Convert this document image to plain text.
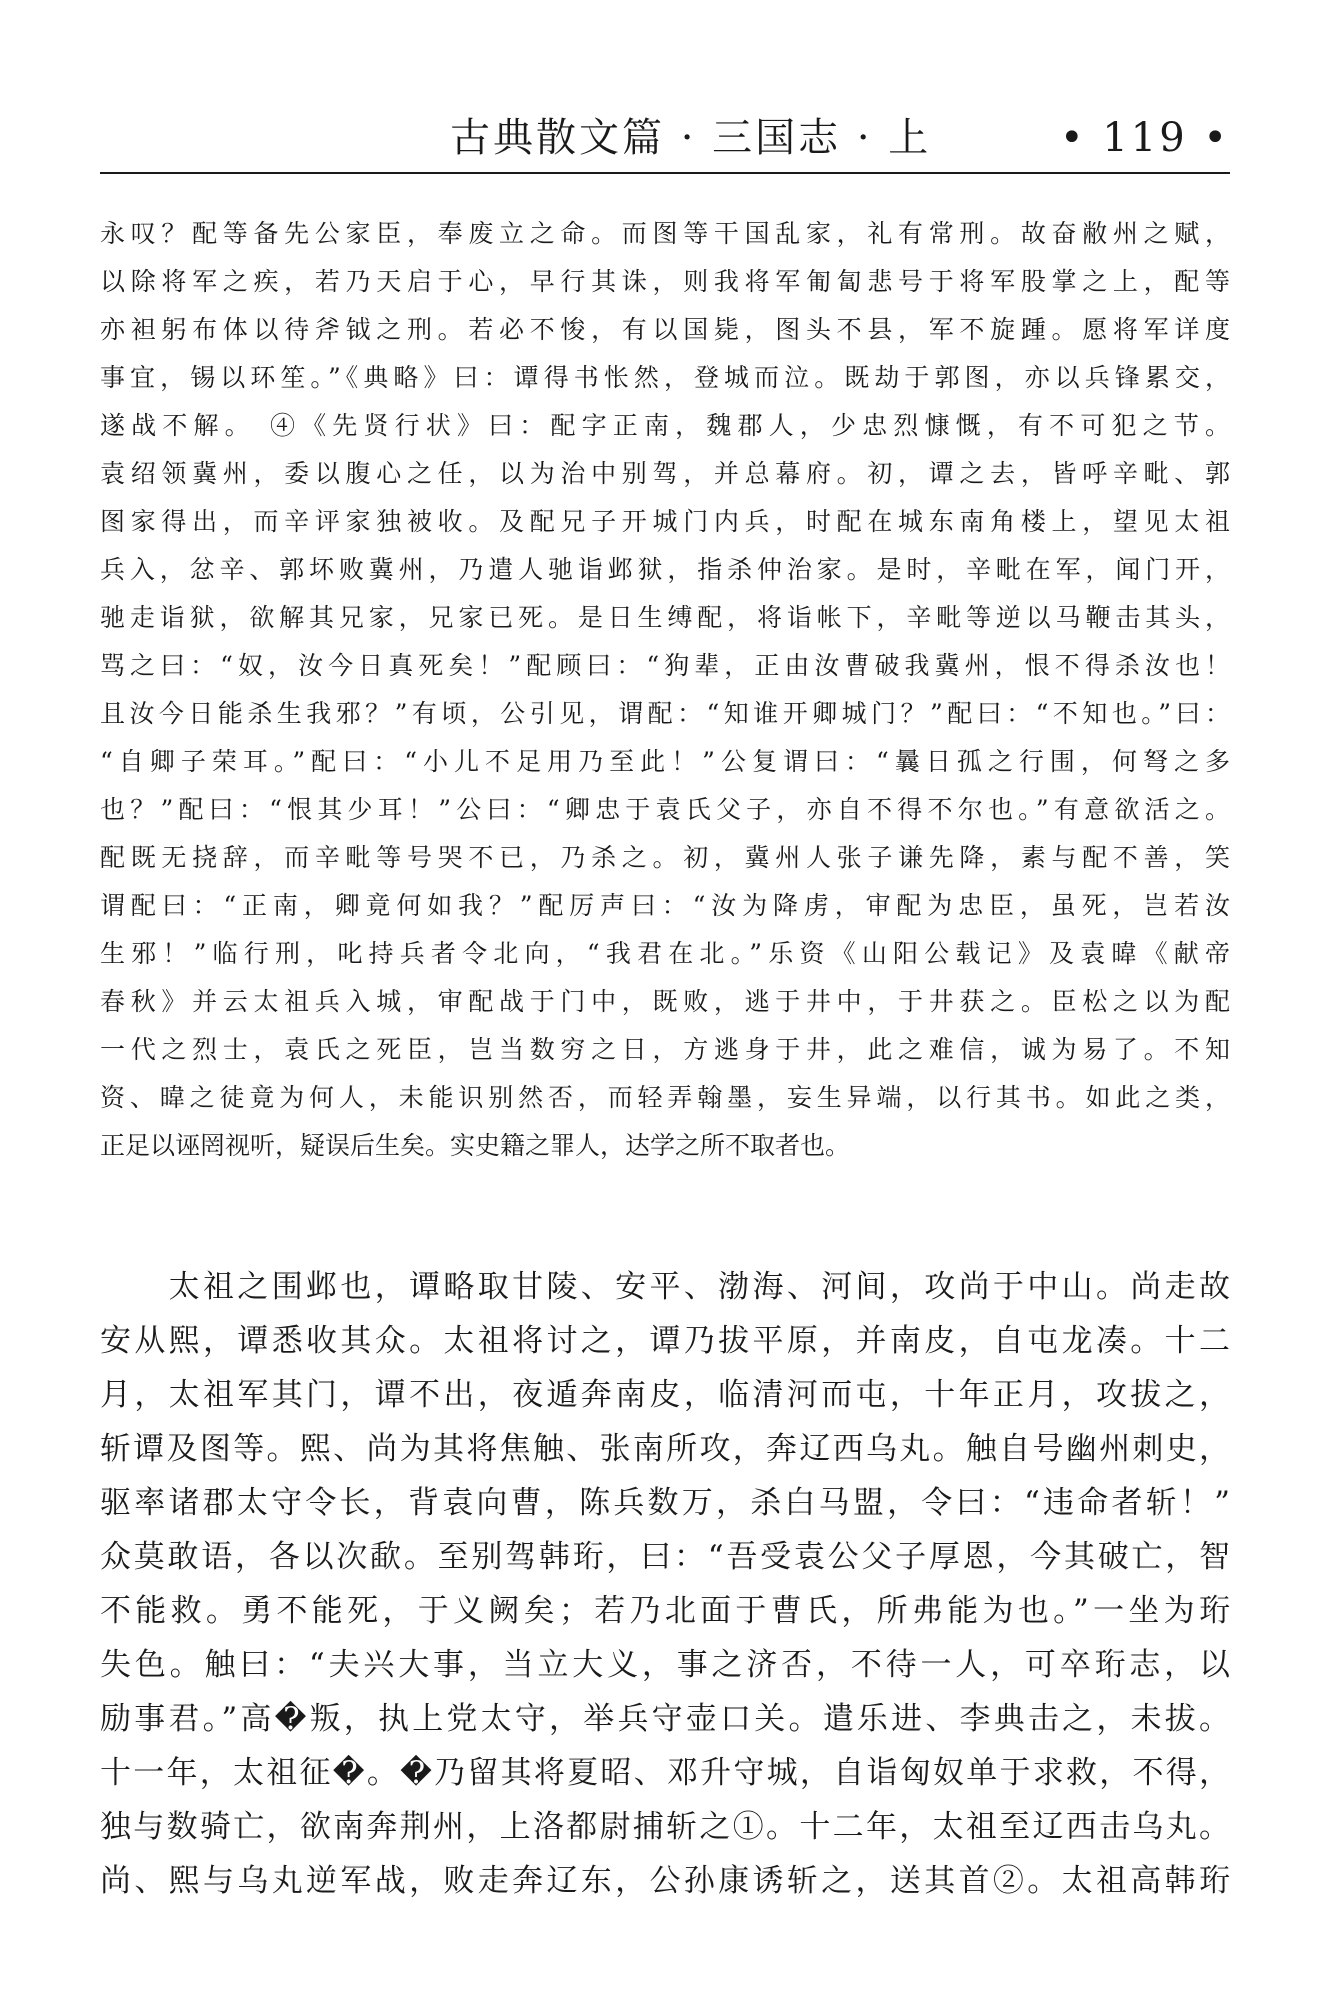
古典散文篇 · 三国志 · 上	• 119 •
永叹？配等备先公家臣，奉废立之命。而图等干国乱家，礼有常刑。故奋敝州之赋，
以除将军之疾，若乃天启于心，早行其诛，则我将军匍匐悲号于将军股掌之上，配等
亦袒躬布体以待斧钺之刑。若必不悛，有以国毙，图头不县，军不旋踵。愿将军详度
事宜，锡以环笙。”《典略》曰：谭得书怅然，登城而泣。既劫于郭图，亦以兵锋累交，
遂战不解。 ④《先贤行状》曰：配字正南，魏郡人，少忠烈慷慨，有不可犯之节。
袁绍领冀州，委以腹心之任，以为治中别驾，并总幕府。初，谭之去，皆呼辛毗、郭
图家得出，而辛评家独被收。及配兄子开城门内兵，时配在城东南角楼上，望见太祖
兵入，忿辛、郭坏败冀州，乃遣人驰诣邺狱，指杀仲治家。是时，辛毗在军，闻门开，
驰走诣狱，欲解其兄家，兄家已死。是日生缚配，将诣帐下，辛毗等逆以马鞭击其头，
骂之曰：“奴，汝今日真死矣！”配顾曰：“狗辈，正由汝曹破我冀州，恨不得杀汝也！
且汝今日能杀生我邪？”有顷，公引见，谓配：“知谁开卿城门？”配曰：“不知也。”曰：
“自卿子荣耳。”配曰：“小儿不足用乃至此！”公复谓曰：“曩日孤之行围，何弩之多
也？”配曰：“恨其少耳！”公曰：“卿忠于袁氏父子，亦自不得不尔也。”有意欲活之。
配既无挠辞，而辛毗等号哭不已，乃杀之。初，冀州人张子谦先降，素与配不善，笑
谓配曰：“正南，卿竟何如我？”配厉声曰：“汝为降虏，审配为忠臣，虽死，岂若汝
生邪！”临行刑，叱持兵者令北向，“我君在北。”乐资《山阳公载记》及袁暐《献帝
春秋》并云太祖兵入城，审配战于门中，既败，逃于井中，于井获之。臣松之以为配
一代之烈士，袁氏之死臣，岂当数穷之日，方逃身于井，此之难信，诚为易了。不知
资、暐之徒竟为何人，未能识别然否，而轻弄翰墨，妄生异端，以行其书。如此之类，
正足以诬罔视听，疑误后生矣。实史籍之罪人，达学之所不取者也。
　　太祖之围邺也，谭略取甘陵、安平、渤海、河间，攻尚于中山。尚走故
安从熙，谭悉收其众。太祖将讨之，谭乃拔平原，并南皮，自屯龙凑。十二
月，太祖军其门，谭不出，夜遁奔南皮，临清河而屯，十年正月，攻拔之，
斩谭及图等。熙、尚为其将焦触、张南所攻，奔辽西乌丸。触自号幽州刺史，
驱率诸郡太守令长，背袁向曹，陈兵数万，杀白马盟，令曰：“违命者斩！”
众莫敢语，各以次歃。至别驾韩珩，曰：“吾受袁公父子厚恩，今其破亡，智
不能救。勇不能死，于义阙矣；若乃北面于曹氏，所弗能为也。”一坐为珩
失色。触曰：“夫兴大事，当立大义，事之济否，不待一人，可卒珩志，以
励事君。”高�叛，执上党太守，举兵守壶口关。遣乐进、李典击之，未拔。
十一年，太祖征�。�乃留其将夏昭、邓升守城，自诣匈奴单于求救，不得，
独与数骑亡，欲南奔荆州，上洛都尉捕斩之①。十二年，太祖至辽西击乌丸。
尚、熙与乌丸逆军战，败走奔辽东，公孙康诱斩之，送其首②。太祖高韩珩
